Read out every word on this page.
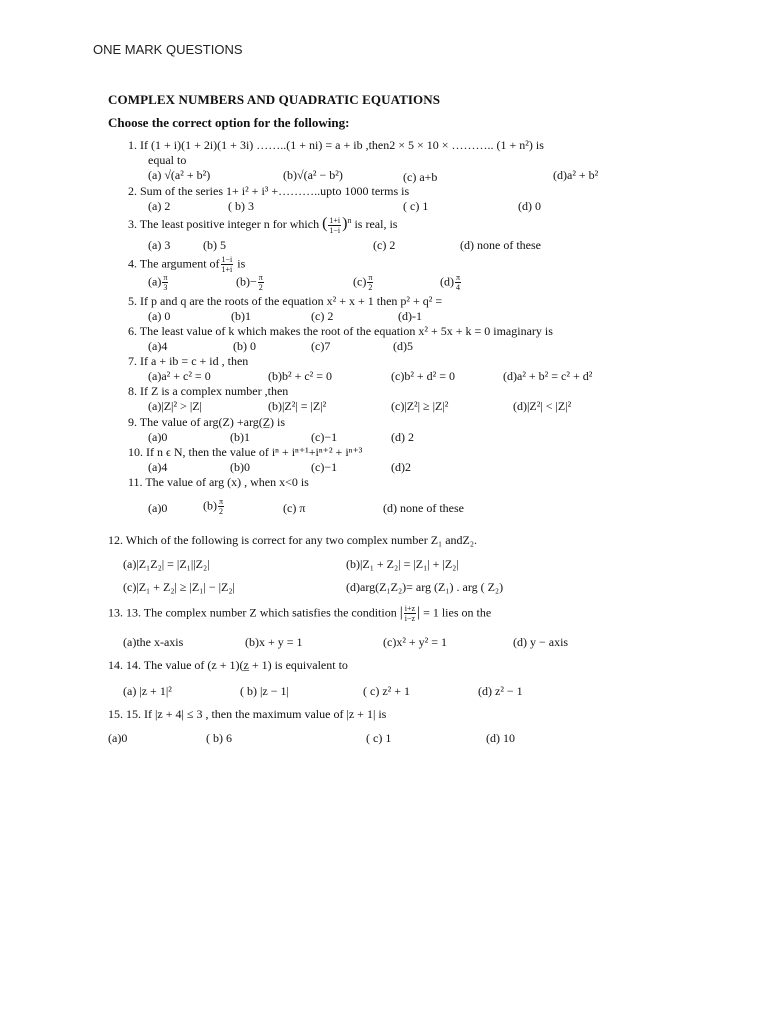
ONE MARK QUESTIONS
COMPLEX NUMBERS AND QUADRATIC EQUATIONS
Choose the correct option for the following:
1. If (1 + i)(1 + 2i)(1 + 3i) ……..(1 + ni) = a + ib ,then2 × 5 × 10 × ……….. (1 + n²) is
equal to
(a) √(a² + b²)	(b)√(a² − b²)	(c) a+b	(d)a² + b²
2. Sum of the series 1+ i² + i³ +………..upto 1000 terms is
(a) 2	( b) 3	( c) 1	(d) 0
3. The least positive integer n for which ( $\frac{1+i}{1-i} )^n$ is real, is
(a) 3	(b) 5	(c) 2	(d) none of these
4. The argument of $\frac{1-i}{1+i}$ is
$(a) \frac{\pi}{3}$	$(b)- \frac{\pi}{2}$	$(c) \frac{\pi}{2}$	$(d) \frac{\pi}{4}$
5. If p and q are the roots of the equation x² + x + 1 then p² + q² =
(a) 0	(b)1	(c) 2	(d)-1
6. The least value of k which makes the root of the equation x² + 5x + k = 0 imaginary is
(a)4	(b) 0	(c)7	(d)5
7. If a + ib = c + id , then
(a)a² + c² = 0	(b)b² + c² = 0	(c)b² + d² = 0	(d)a² + b² = c² + d²
8. If Z is a complex number ,then
(a)|Z|² > |Z|	(b)|Z²| = |Z|²	(c)|Z²| ≥ |Z|²	(d)|Z²| < |Z|²
9. The value of arg(Z) +arg(Z̲) is
(a)0	(b)1	(c)−1	(d) 2
10. If n ϵ N, then the value of iⁿ + iⁿ⁺¹+iⁿ⁺² + iⁿ⁺³
(a)4	(b)0	(c)−1	(d)2
11. The value of arg (x) , when x<0 is
(a)0	$(b) \frac{\pi}{2}$	(c) π	(d) none of these
12. Which of the following is correct for any two complex number Z₁ andZ₂.
(a)|Z₁Z₂| = |Z₁||Z₂|	(b)|Z₁ + Z₂| = |Z₁| + |Z₂|
(c)|Z₁ + Z₂| ≥ |Z₁| − |Z₂|	(d)arg(Z₁Z₂)= arg (Z₁) . arg ( Z₂)
13. 13. The complex number Z which satisfies the condition | $\frac{i+z}{i-z}$ | = 1 lies on the
(a)the x-axis	(b)x + y = 1	(c)x² + y² = 1	(d) y − axis
14. 14. The value of (z + 1)(z̲ + 1) is equivalent to
(a) |z + 1|²	( b) |z − 1|	( c) z² + 1	(d) z² − 1
15. 15. If |z + 4| ≤ 3 , then the maximum value of |z + 1| is
(a)0	( b) 6	( c) 1	(d) 10
